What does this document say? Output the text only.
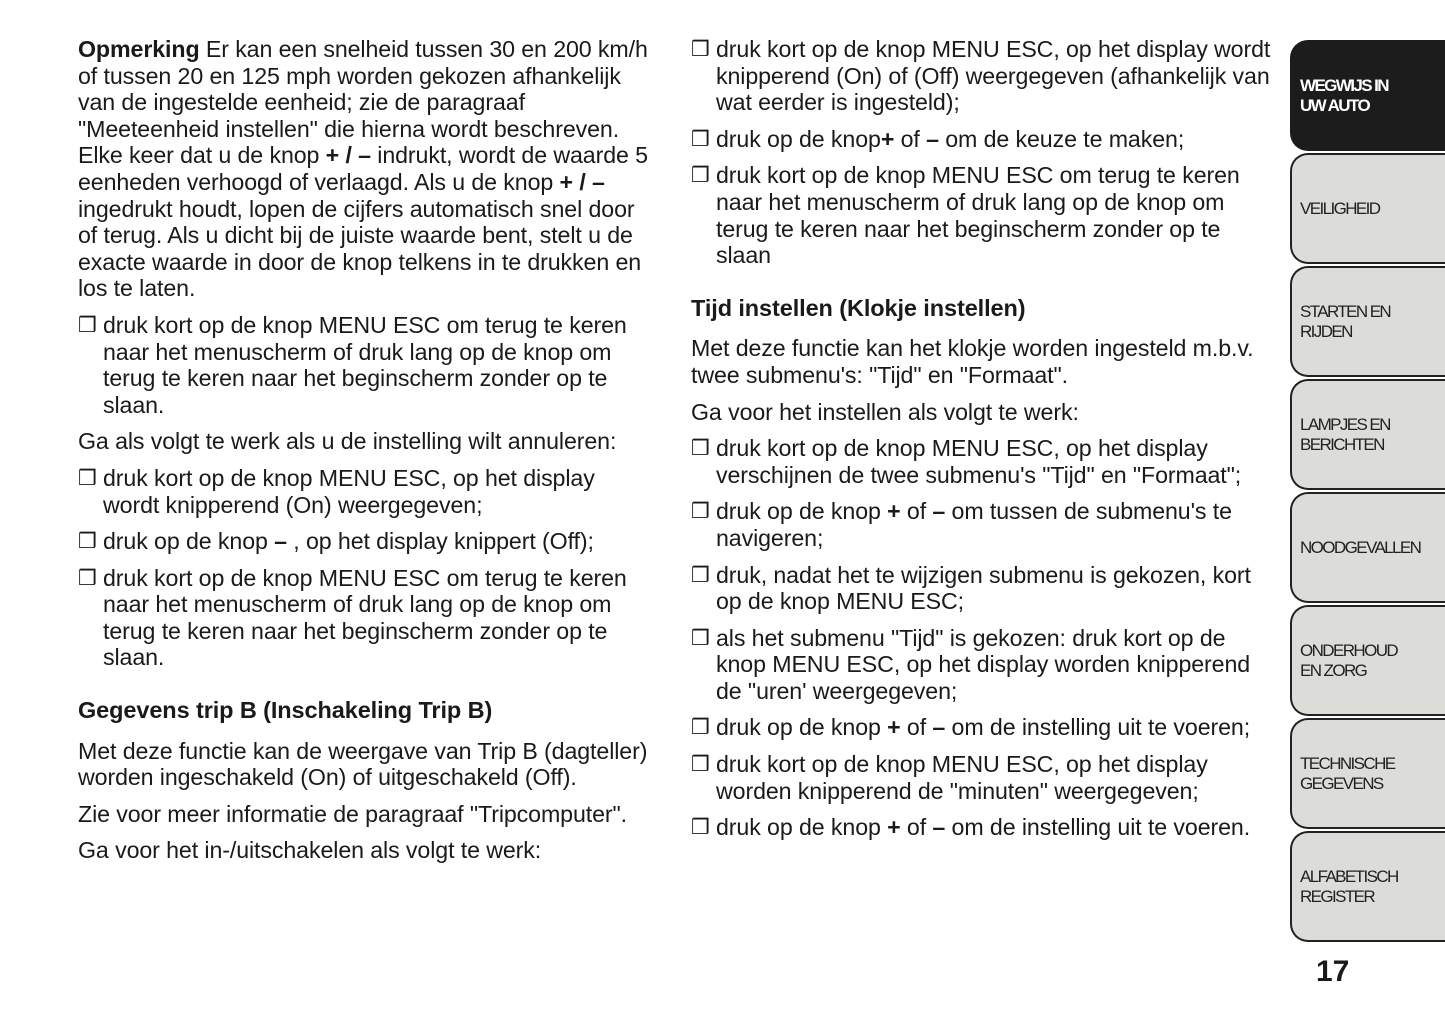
Opmerking Er kan een snelheid tussen 30 en 200 km/h of tussen 20 en 125 mph worden gekozen afhankelijk van de ingestelde eenheid; zie de paragraaf "Meeteenheid instellen" die hierna wordt beschreven. Elke keer dat u de knop + / – indrukt, wordt de waarde 5 eenheden verhoogd of verlaagd. Als u de knop + / – ingedrukt houdt, lopen de cijfers automatisch snel door of terug. Als u dicht bij de juiste waarde bent, stelt u de exacte waarde in door de knop telkens in te drukken en los te laten.
❒ druk kort op de knop MENU ESC om terug te keren naar het menuscherm of druk lang op de knop om terug te keren naar het beginscherm zonder op te slaan.
Ga als volgt te werk als u de instelling wilt annuleren:
❒ druk kort op de knop MENU ESC, op het display wordt knipperend (On) weergegeven;
❒ druk op de knop – , op het display knippert (Off);
❒ druk kort op de knop MENU ESC om terug te keren naar het menuscherm of druk lang op de knop om terug te keren naar het beginscherm zonder op te slaan.
Gegevens trip B (Inschakeling Trip B)
Met deze functie kan de weergave van Trip B (dagteller) worden ingeschakeld (On) of uitgeschakeld (Off).
Zie voor meer informatie de paragraaf "Tripcomputer".
Ga voor het in-/uitschakelen als volgt te werk:
❒ druk kort op de knop MENU ESC, op het display wordt knipperend (On) of (Off) weergegeven (afhankelijk van wat eerder is ingesteld);
❒ druk op de knop+ of – om de keuze te maken;
❒ druk kort op de knop MENU ESC om terug te keren naar het menuscherm of druk lang op de knop om terug te keren naar het beginscherm zonder op te slaan
Tijd instellen (Klokje instellen)
Met deze functie kan het klokje worden ingesteld m.b.v. twee submenu's: "Tijd" en "Formaat".
Ga voor het instellen als volgt te werk:
❒ druk kort op de knop MENU ESC, op het display verschijnen de twee submenu's "Tijd" en "Formaat";
❒ druk op de knop + of – om tussen de submenu's te navigeren;
❒ druk, nadat het te wijzigen submenu is gekozen, kort op de knop MENU ESC;
❒ als het submenu "Tijd" is gekozen: druk kort op de knop MENU ESC, op het display worden knipperend de "uren' weergegeven;
❒ druk op de knop + of – om de instelling uit te voeren;
❒ druk kort op de knop MENU ESC, op het display worden knipperend de "minuten" weergegeven;
❒ druk op de knop + of – om de instelling uit te voeren.
WEGWIJS IN UW AUTO
VEILIGHEID
STARTEN EN RIJDEN
LAMPJES EN BERICHTEN
NOODGEVALLEN
ONDERHOUD EN ZORG
TECHNISCHE GEGEVENS
ALFABETISCH REGISTER
17
